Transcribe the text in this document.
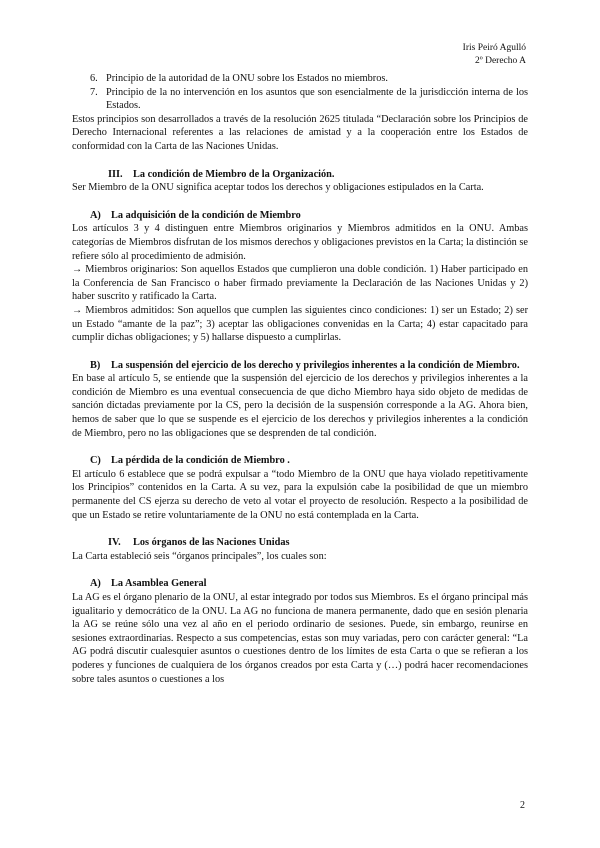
Iris Peiró Agulló
2º Derecho A
6. Principio de la autoridad de la ONU sobre los Estados no miembros.
7. Principio de la no intervención en los asuntos que son esencialmente de la jurisdicción interna de los Estados.

Estos principios son desarrollados a través de la resolución 2625 titulada “Declaración sobre los Principios de Derecho Internacional referentes a las relaciones de amistad y a la cooperación entre los Estados de conformidad con la Carta de las Naciones Unidas.

III.	La condición de Miembro de la Organización.

Ser Miembro de la ONU significa aceptar todos los derechos y obligaciones estipulados en la Carta.

A) La adquisición de la condición de Miembro

Los artículos 3 y 4 distinguen entre Miembros originarios y Miembros admitidos en la ONU. Ambas categorías de Miembros disfrutan de los mismos derechos y obligaciones previstos en la Carta; la distinción se refiere sólo al procedimiento de admisión.

→ Miembros originarios: Son aquellos Estados que cumplieron una doble condición. 1) Haber participado en la Conferencia de San Francisco o haber firmado previamente la Declaración de las Naciones Unidas y 2) haber suscrito y ratificado la Carta.

→ Miembros admitidos: Son aquellos que cumplen las siguientes cinco condiciones: 1) ser un Estado; 2) ser un Estado “amante de la paz”; 3) aceptar las obligaciones convenidas en la Carta; 4) estar capacitado para cumplir dichas obligaciones; y 5) hallarse dispuesto a cumplirlas.

B)	La suspensión del ejercicio de los derecho y privilegios inherentes a la condición de Miembro.

En base al artículo 5, se entiende que la suspensión del ejercicio de los derechos y privilegios inherentes a la condición de Miembro es una eventual consecuencia de que dicho Miembro haya sido objeto de medidas de sanción dictadas previamente por la CS, pero la decisión de la suspensión corresponde a la AG. Ahora bien, hemos de saber que lo que se suspende es el ejercicio de los derechos y privilegios inherentes a la condición de Miembro, pero no las obligaciones que se desprenden de tal condición.

C) La pérdida de la condición de Miembro .

El artículo 6 establece que se podrá expulsar a “todo Miembro de la ONU que haya violado repetitivamente los Principios” contenidos en la Carta. A su vez, para la expulsión cabe la posibilidad de que un miembro permanente del CS ejerza su derecho de veto al votar el proyecto de resolución. Respecto a la posibilidad de que un Estado se retire voluntariamente de la ONU no está contemplada en la Carta.

IV.	Los órganos de las Naciones Unidas

La Carta estableció seis “órganos principales”, los cuales son:

A) La Asamblea General

La AG es el órgano plenario de la ONU, al estar integrado por todos sus Miembros. Es el órgano principal más igualitario y democrático de la ONU. La AG no funciona de manera permanente, dado que en sesión plenaria la AG se reúne sólo una vez al año en el periodo ordinario de sesiones. Puede, sin embargo, reunirse en sesiones extraordinarias. Respecto a sus competencias, estas son muy variadas, pero con carácter general: “La AG podrá discutir cualesquier asuntos o cuestiones dentro de los límites de esta Carta o que se refieran a los poderes y funciones de cualquiera de los órganos creados por esta Carta y (…) podrá hacer recomendaciones sobre tales asuntos o cuestiones a los

2
